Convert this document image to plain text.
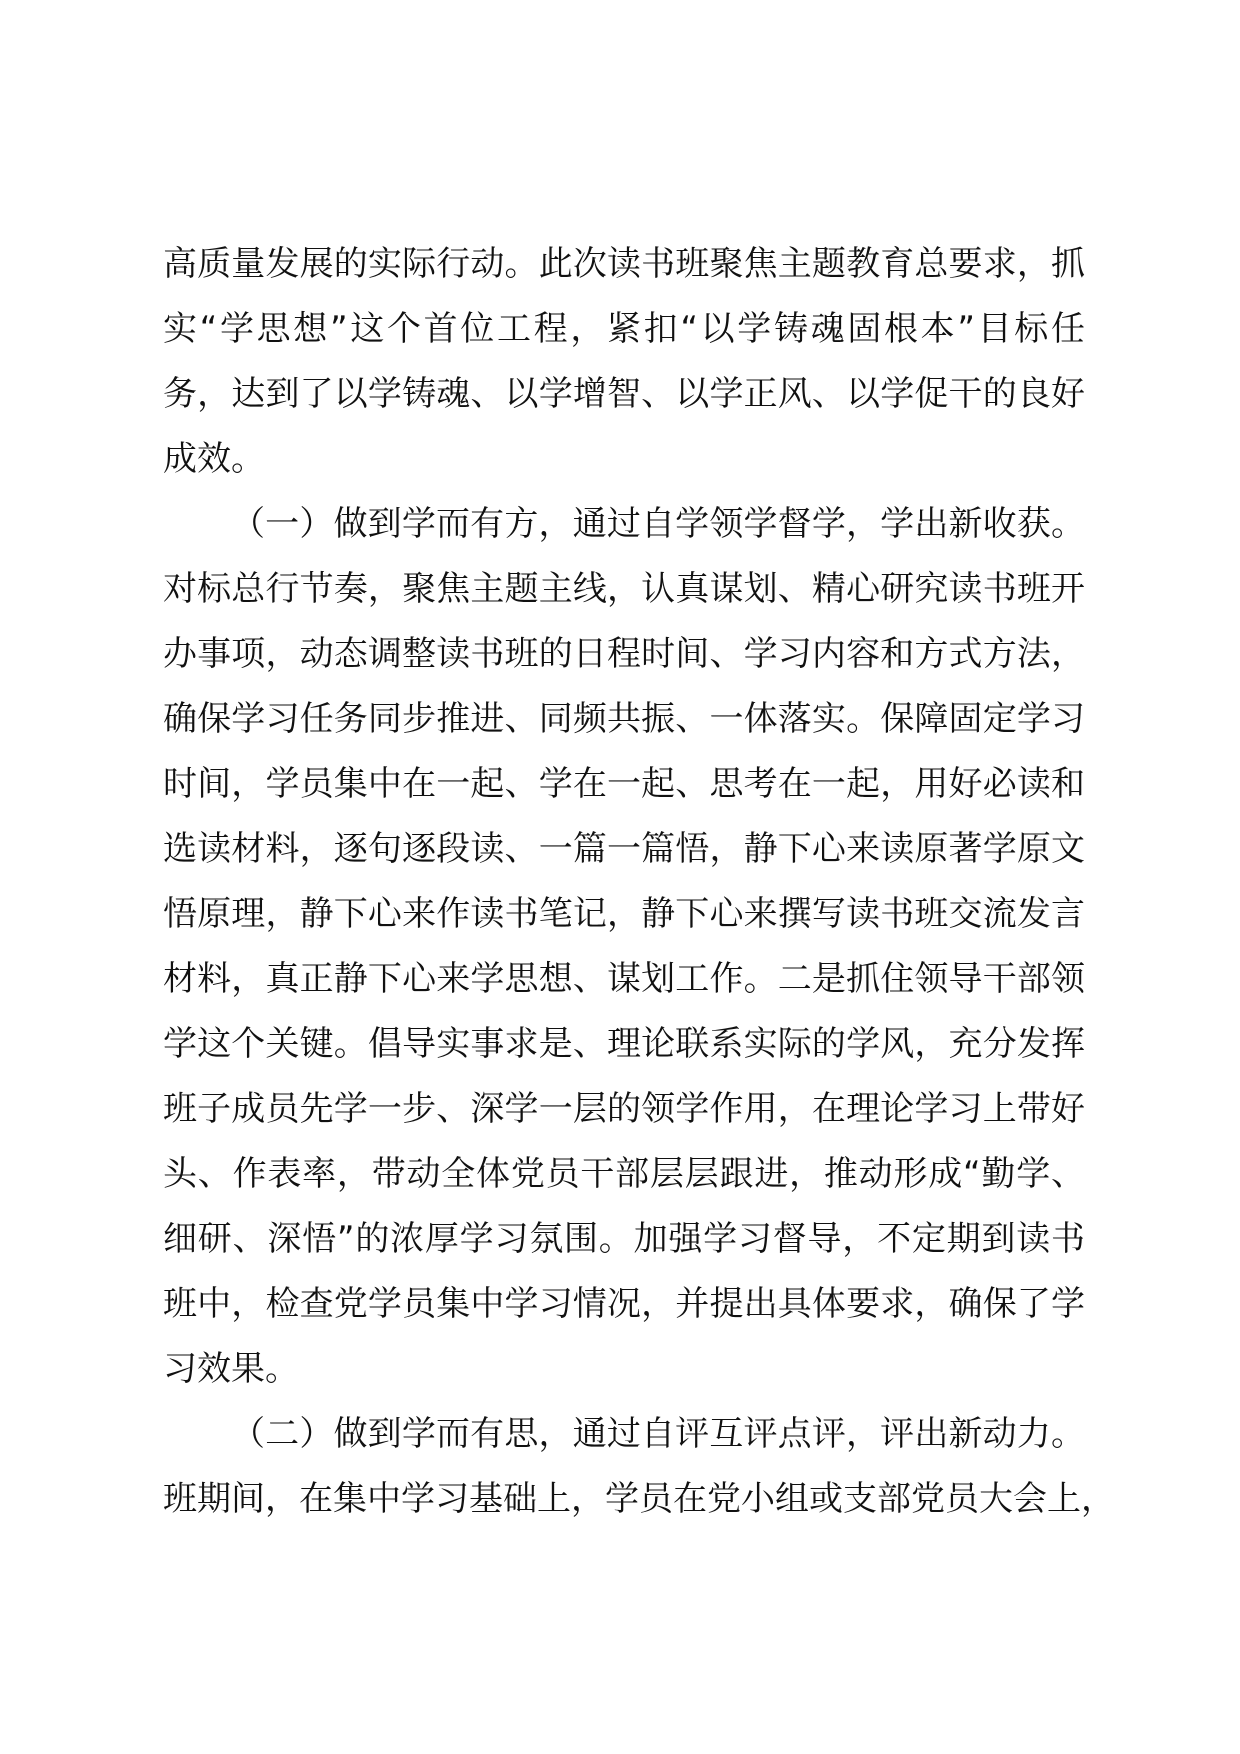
高质量发展的实际行动。此次读书班聚焦主题教育总要求，抓
实“学思想”这个首位工程，紧扣“以学铸魂固根本”目标任
务，达到了以学铸魂、以学增智、以学正风、以学促干的良好
成效。
（一）做到学而有方，通过自学领学督学，学出新收获。
对标总行节奏，聚焦主题主线，认真谋划、精心研究读书班开
办事项，动态调整读书班的日程时间、学习内容和方式方法，
确保学习任务同步推进、同频共振、一体落实。保障固定学习
时间，学员集中在一起、学在一起、思考在一起，用好必读和
选读材料，逐句逐段读、一篇一篇悟，静下心来读原著学原文
悟原理，静下心来作读书笔记，静下心来撰写读书班交流发言
材料，真正静下心来学思想、谋划工作。二是抓住领导干部领
学这个关键。倡导实事求是、理论联系实际的学风，充分发挥
班子成员先学一步、深学一层的领学作用，在理论学习上带好
头、作表率，带动全体党员干部层层跟进，推动形成“勤学、
细研、深悟”的浓厚学习氛围。加强学习督导，不定期到读书
班中，检查党学员集中学习情况，并提出具体要求，确保了学
习效果。
（二）做到学而有思，通过自评互评点评，评出新动力。
班期间，在集中学习基础上，学员在党小组或支部党员大会上，
